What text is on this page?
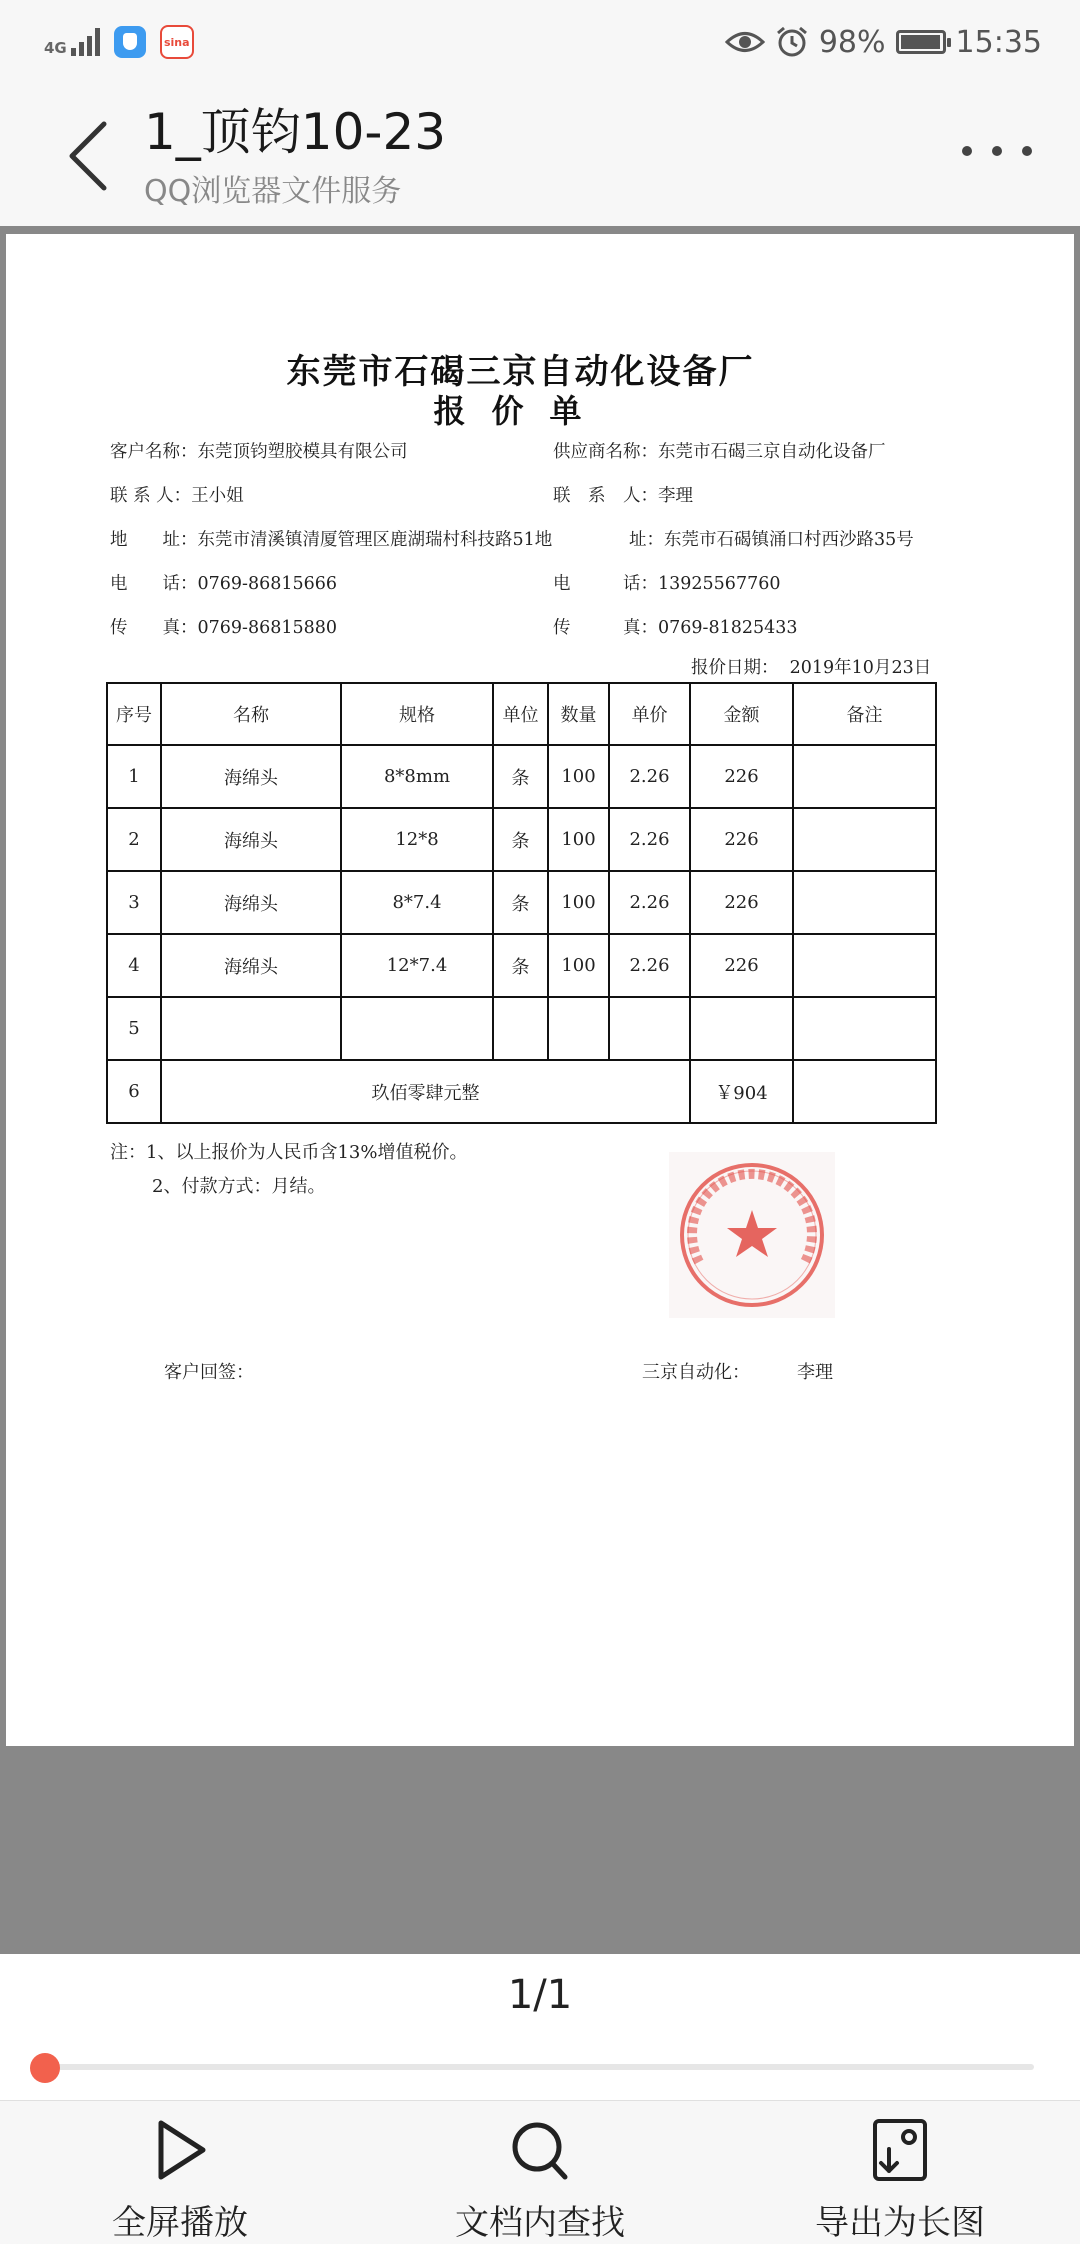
4G	sina	98% 15:35
1_顶钧10-23
QQ浏览器文件服务
东莞市石碣三京自动化设备厂
报价单
客户名称：东莞顶钧塑胶模具有限公司	供应商名称：东莞市石碣三京自动化设备厂
联 系 人：王小姐	联　系　人：李理
地　　址：东莞市清溪镇清厦管理区鹿湖瑞村科技路51地	址：东莞市石碣镇涌口村西沙路35号
电　　话：0769-86815666	电　　　话：13925567760
传　　真：0769-86815880	传　　　真：0769-81825433
报价日期： 2019年10月23日
序号	名称	规格	单位	数量	单价	金额	备注
1	海绵头	8*8mm	条	100	2.26	226	
2	海绵头	12*8	条	100	2.26	226	
3	海绵头	8*7.4	条	100	2.26	226	
4	海绵头	12*7.4	条	100	2.26	226	
5							
6	玖佰零肆元整					￥904	
注：1、以上报价为人民币含13%增值税价。
2、付款方式：月结。
客户回签：	三京自动化：	李理
1/1
全屏播放	文档内查找	导出为长图
